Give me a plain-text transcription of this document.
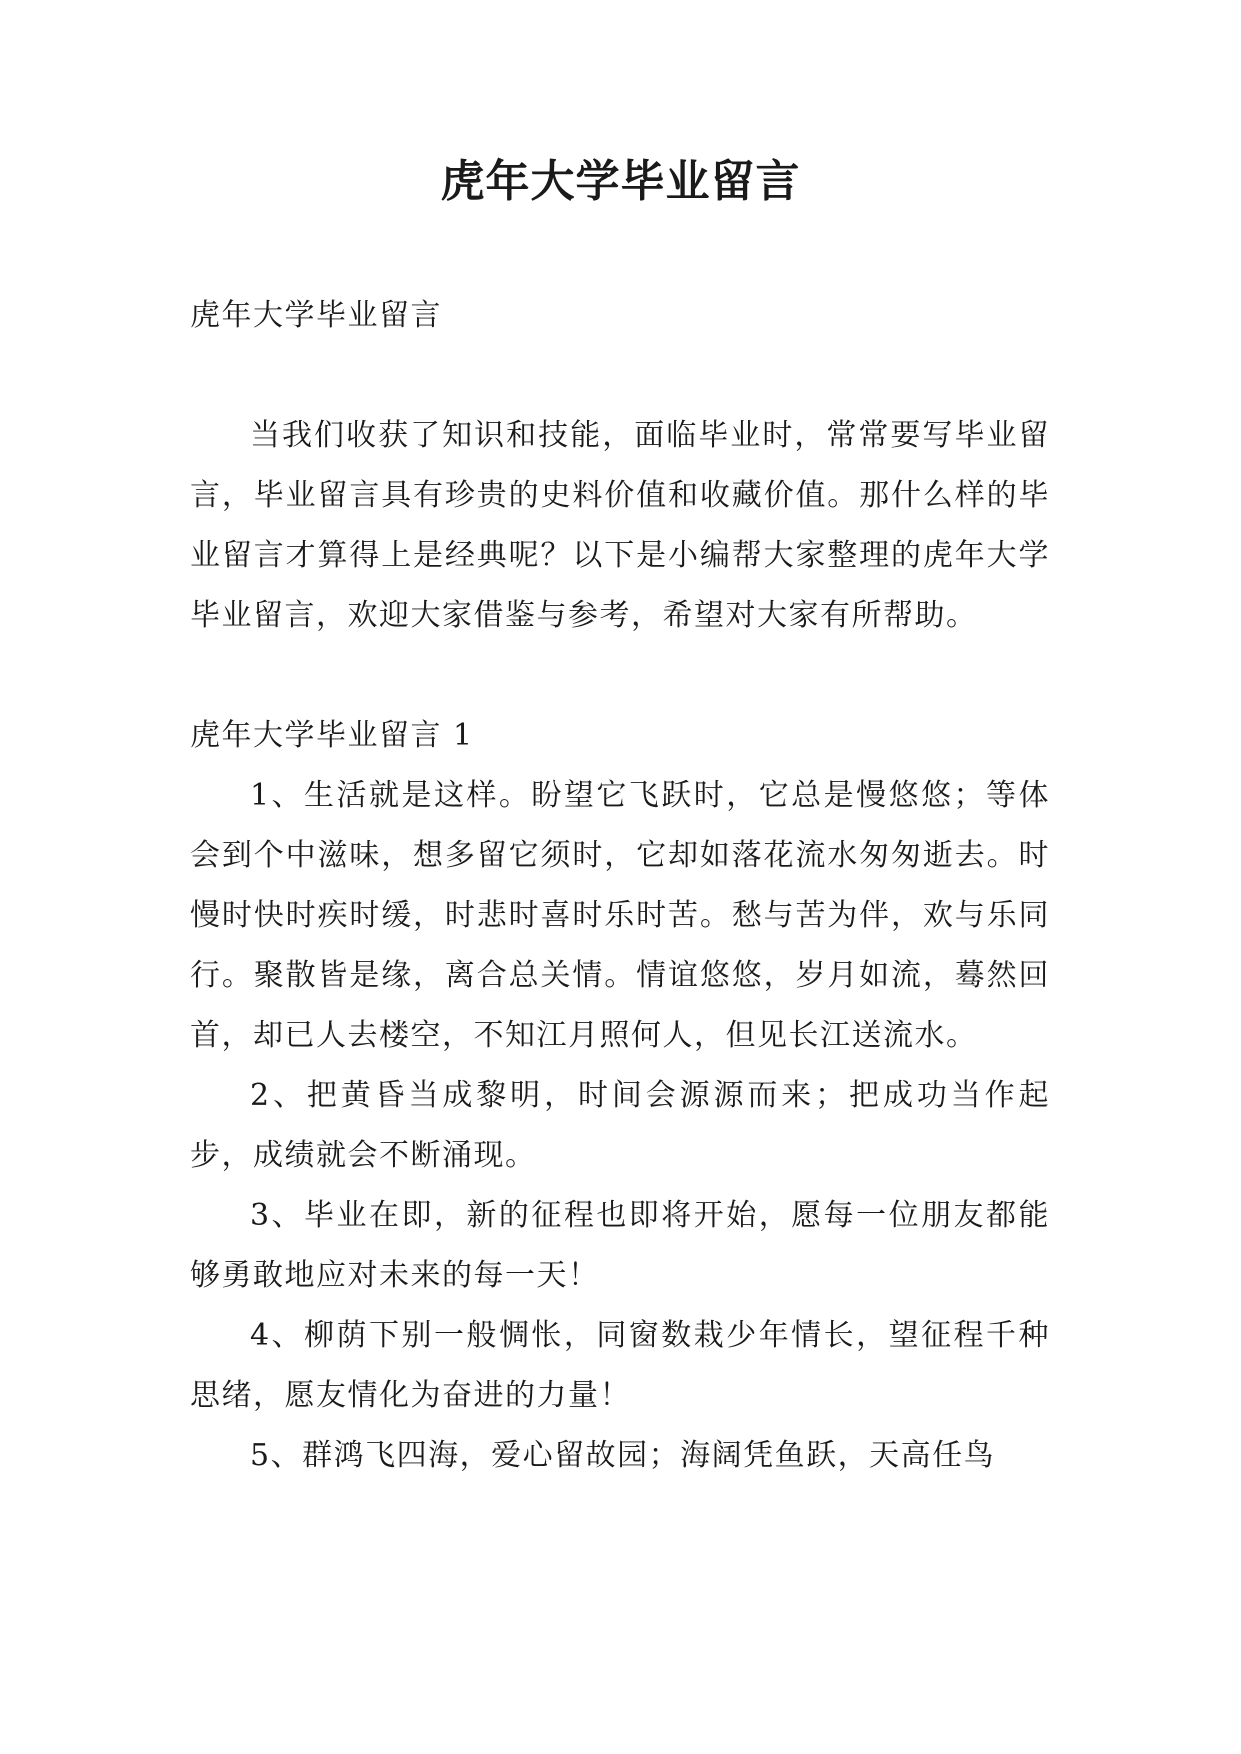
虎年大学毕业留言

虎年大学毕业留言

当我们收获了知识和技能，面临毕业时，常常要写毕业留言，毕业留言具有珍贵的史料价值和收藏价值。那什么样的毕业留言才算得上是经典呢？以下是小编帮大家整理的虎年大学毕业留言，欢迎大家借鉴与参考，希望对大家有所帮助。

虎年大学毕业留言 1

1、生活就是这样。盼望它飞跃时，它总是慢悠悠；等体会到个中滋味，想多留它须时，它却如落花流水匆匆逝去。时慢时快时疾时缓，时悲时喜时乐时苦。愁与苦为伴，欢与乐同行。聚散皆是缘，离合总关情。情谊悠悠，岁月如流，蓦然回首，却已人去楼空，不知江月照何人，但见长江送流水。

2、把黄昏当成黎明，时间会源源而来；把成功当作起步，成绩就会不断涌现。

3、毕业在即，新的征程也即将开始，愿每一位朋友都能够勇敢地应对未来的每一天！

4、柳荫下别一般惆怅，同窗数栽少年情长，望征程千种思绪，愿友情化为奋进的力量！

5、群鸿飞四海，爱心留故园；海阔凭鱼跃，天高任鸟
